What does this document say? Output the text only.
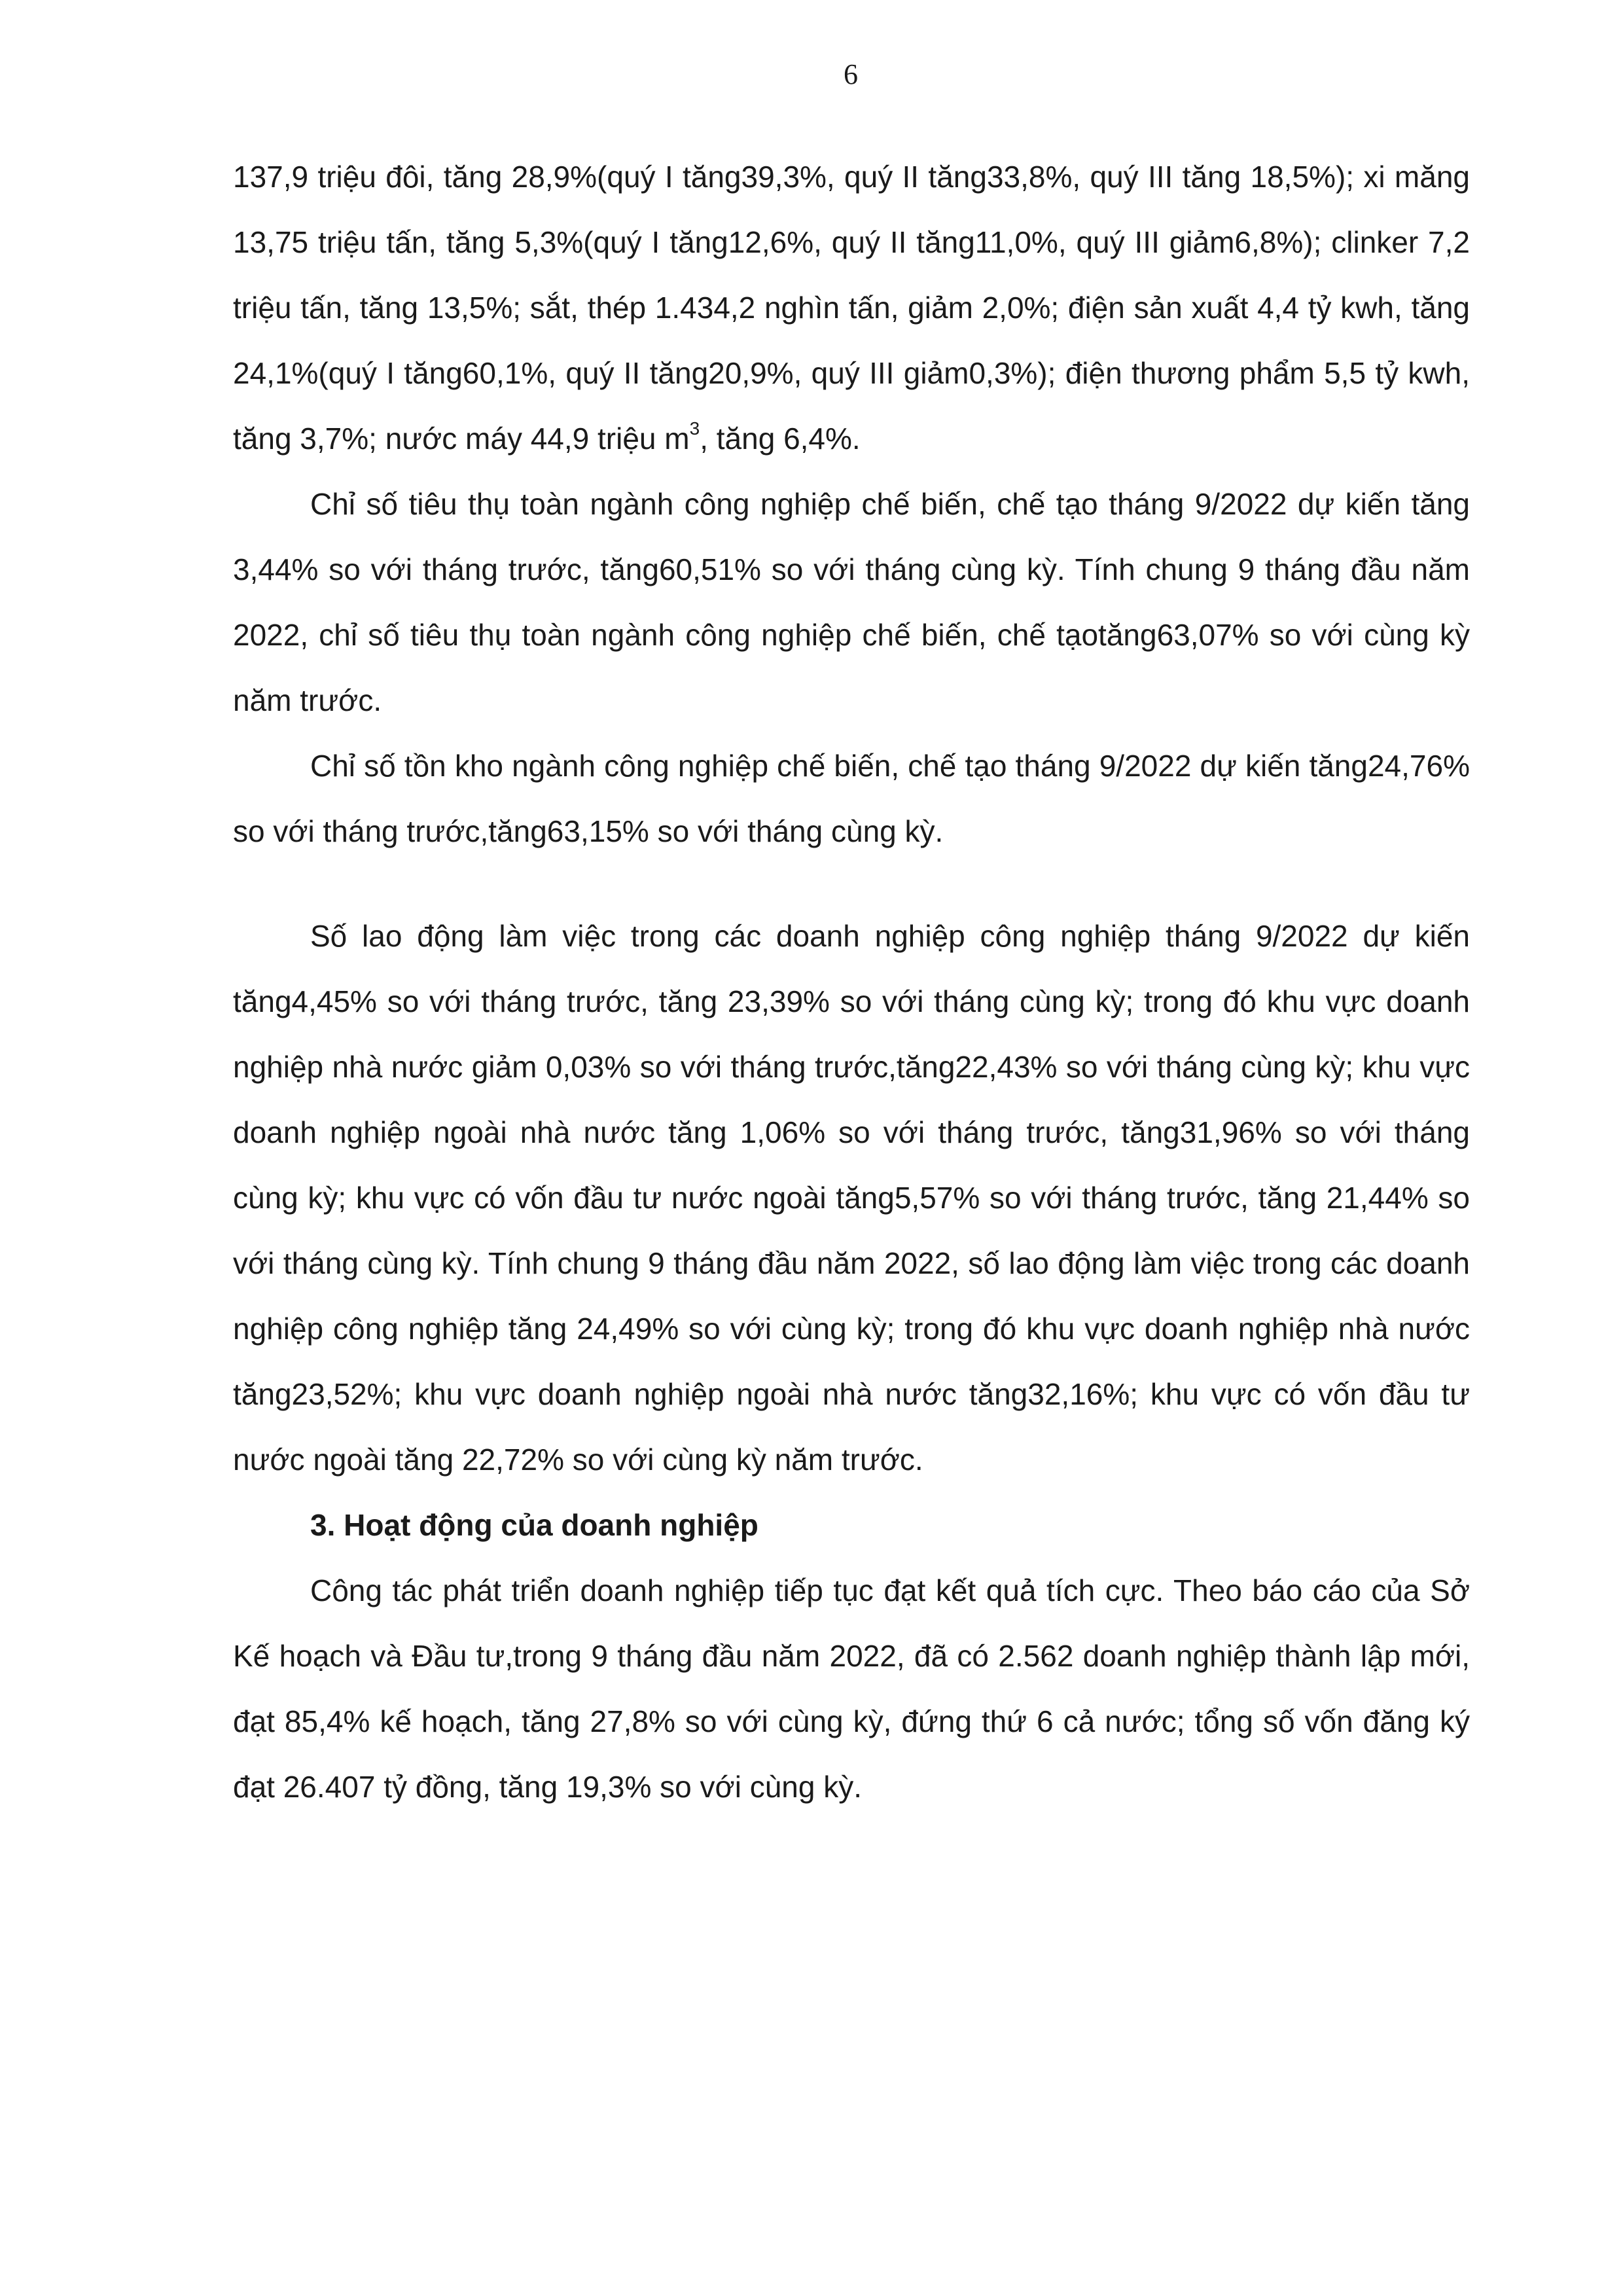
6

137,9 triệu đôi, tăng 28,9%(quý I tăng39,3%, quý II tăng33,8%, quý III tăng 18,5%); xi măng 13,75 triệu tấn, tăng 5,3%(quý I tăng12,6%, quý II tăng11,0%, quý III giảm6,8%); clinker 7,2 triệu tấn, tăng 13,5%; sắt, thép 1.434,2 nghìn tấn, giảm 2,0%; điện sản xuất 4,4 tỷ kwh, tăng 24,1%(quý I tăng60,1%, quý II tăng20,9%, quý III giảm0,3%); điện thương phẩm 5,5 tỷ kwh, tăng 3,7%; nước máy 44,9 triệu $m^3$, tăng 6,4%.

Chỉ số tiêu thụ toàn ngành công nghiệp chế biến, chế tạo tháng 9/2022 dự kiến tăng 3,44% so với tháng trước, tăng60,51% so với tháng cùng kỳ. Tính chung 9 tháng đầu năm 2022, chỉ số tiêu thụ toàn ngành công nghiệp chế biến, chế tạotăng63,07% so với cùng kỳ năm trước.

Chỉ số tồn kho ngành công nghiệp chế biến, chế tạo tháng 9/2022 dự kiến tăng24,76% so với tháng trước,tăng63,15% so với tháng cùng kỳ.

Số lao động làm việc trong các doanh nghiệp công nghiệp tháng 9/2022 dự kiến tăng4,45% so với tháng trước, tăng 23,39% so với tháng cùng kỳ; trong đó khu vực doanh nghiệp nhà nước giảm 0,03% so với tháng trước,tăng22,43% so với tháng cùng kỳ; khu vực doanh nghiệp ngoài nhà nước tăng 1,06% so với tháng trước, tăng31,96% so với tháng cùng kỳ; khu vực có vốn đầu tư nước ngoài tăng5,57% so với tháng trước, tăng 21,44% so với tháng cùng kỳ. Tính chung 9 tháng đầu năm 2022, số lao động làm việc trong các doanh nghiệp công nghiệp tăng 24,49% so với cùng kỳ; trong đó khu vực doanh nghiệp nhà nước tăng23,52%; khu vực doanh nghiệp ngoài nhà nước tăng32,16%; khu vực có vốn đầu tư nước ngoài tăng 22,72% so với cùng kỳ năm trước.

3. Hoạt động của doanh nghiệp

Công tác phát triển doanh nghiệp tiếp tục đạt kết quả tích cực. Theo báo cáo của Sở Kế hoạch và Đầu tư,trong 9 tháng đầu năm 2022, đã có 2.562 doanh nghiệp thành lập mới, đạt 85,4% kế hoạch, tăng 27,8% so với cùng kỳ, đứng thứ 6 cả nước; tổng số vốn đăng ký đạt 26.407 tỷ đồng, tăng 19,3% so với cùng kỳ.
